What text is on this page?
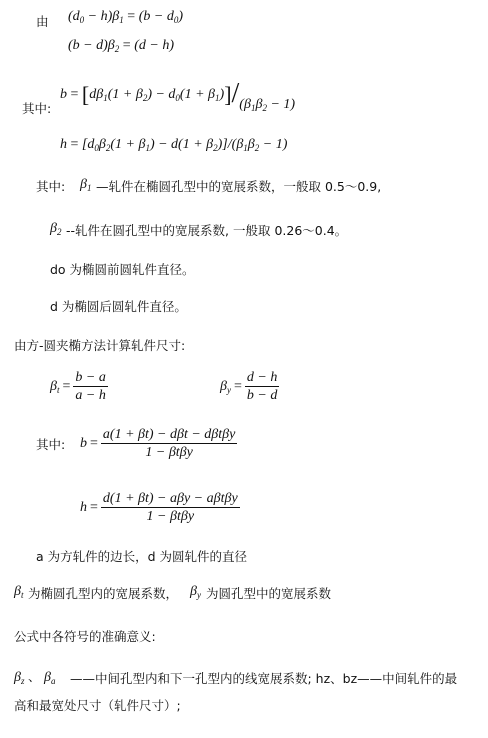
由 $(d_0 - h)\beta_1 = (b - d_0)$
$(b - d)\beta_2 = (d - h)$
其中:
$b = [d\beta_1(1 + \beta_2) - d_0(1 + \beta_1)]/(\beta_1\beta_2 - 1)$
$h = [d_0\beta_2(1 + \beta_1) - d(1 + \beta_2)]/(\beta_1\beta_2 - 1)$
其中: $\beta_1$ —轧件在椭圆孔型中的宽展系数，一般取 0.5～0.9,
$\beta_2$ --轧件在圆孔型中的宽展系数, 一般取 0.26～0.4。
do 为椭圆前圆轧件直径。
d 为椭圆后圆轧件直径。
由方-圆夹椭方法计算轧件尺寸:
$\beta_t = \frac{b - a}{a - h}$	$\beta_y = \frac{d - h}{b - d}$
其中: $b = \frac{\text{a(1 + βt) − dβt − dβtβy}}{\text{1 − βtβy}}$
$h = \frac{\text{d(1 + βt) − aβy − aβtβy}}{\text{1 − βtβy}}$
a 为方轧件的边长，d 为圆轧件的直径
$\beta_t$ 为椭圆孔型内的宽展系数， $\beta_y$ 为圆孔型中的宽展系数
公式中各符号的准确意义:
$\beta_z$ 、 $\beta_a$ ——中间孔型内和下一孔型内的线宽展系数; hz、bz——中间轧件的最
高和最宽处尺寸（轧件尺寸）;
